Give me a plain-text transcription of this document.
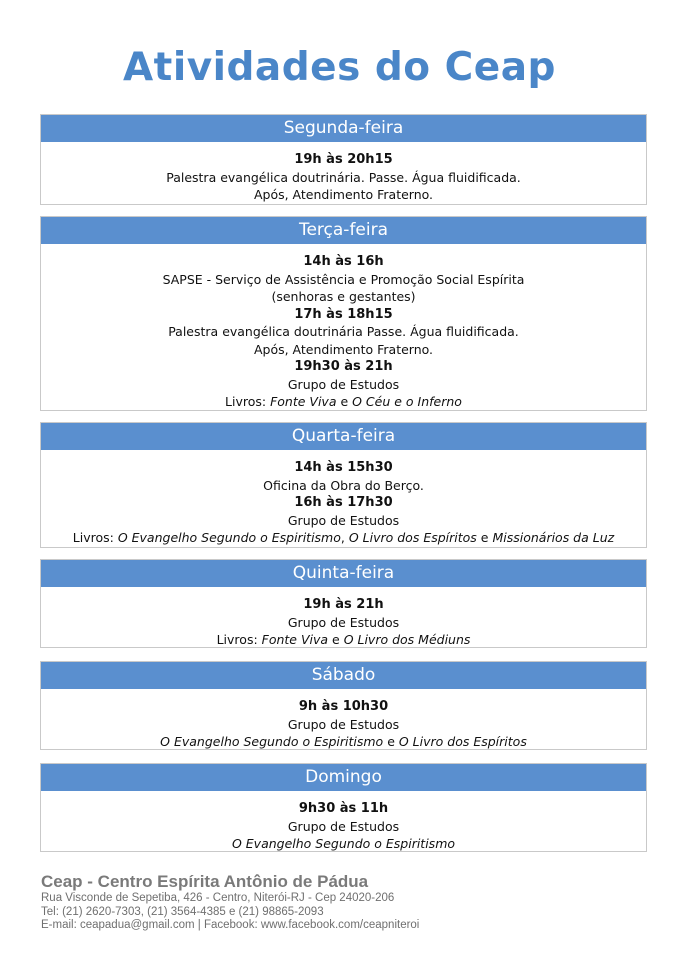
Atividades do Ceap
Segunda-feira
19h às 20h15
Palestra evangélica doutrinária. Passe. Água fluidificada.
Após, Atendimento Fraterno.
Terça-feira
14h às 16h
SAPSE - Serviço de Assistência e Promoção Social Espírita
(senhoras e gestantes)
17h às 18h15
Palestra evangélica doutrinária Passe. Água fluidificada.
Após, Atendimento Fraterno.
19h30 às 21h
Grupo de Estudos
Livros: Fonte Viva e O Céu e o Inferno
Quarta-feira
14h às 15h30
Oficina da Obra do Berço.
16h às 17h30
Grupo de Estudos
Livros: O Evangelho Segundo o Espiritismo, O Livro dos Espíritos e Missionários da Luz
Quinta-feira
19h às 21h
Grupo de Estudos
Livros: Fonte Viva e O Livro dos Médiuns
Sábado
9h às 10h30
Grupo de Estudos
O Evangelho Segundo o Espiritismo e O Livro dos Espíritos
Domingo
9h30 às 11h
Grupo de Estudos
O Evangelho Segundo o Espiritismo
Ceap - Centro Espírita Antônio de Pádua
Rua Visconde de Sepetiba, 426 - Centro, Niterói-RJ - Cep 24020-206
Tel: (21) 2620-7303, (21) 3564-4385 e (21) 98865-2093
E-mail: ceapadua@gmail.com | Facebook: www.facebook.com/ceapniteroi
